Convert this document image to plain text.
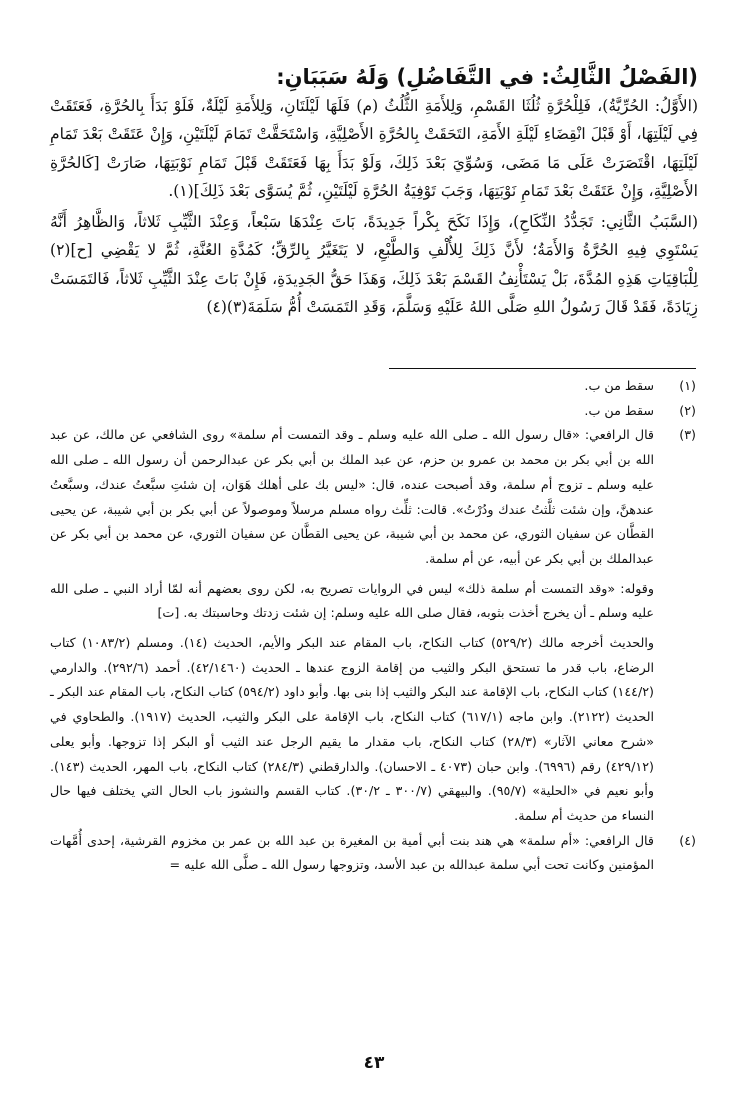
(الفَصْلُ الثَّالِثُ: في التَّفَاضُلِ) وَلَهُ سَبَبَانِ:

(الأَوَّلُ: الحُرِّيَّةُ)، فَلِلْحُرَّةِ ثُلُثَا القَسْمِ، وَلِلأَمَةِ الثُّلُثُ (م) فَلَهَا لَيْلَتَانِ، وَلِلأَمَةِ لَيْلَةٌ، فَلَوْ بَدَأَ بِالحُرَّةِ، فَعَتَقَتْ فِي لَيْلَتِهَا، أَوْ قَبْلَ انْقِضَاءِ لَيْلَةِ الأَمَةِ، التَحَقَتْ بِالحُرَّةِ الأَصْلِيَّةِ، وَاسْتَحَقَّتْ تَمَامَ لَيْلَتَيْنِ، وَإِنْ عَتَقَتْ بَعْدَ تَمَامِ لَيْلَتِهَا، اقْتَصَرَتْ عَلَى مَا مَضَى، وَسُوِّيَ بَعْدَ ذَلِكَ، وَلَوْ بَدَأَ بِهَا فَعَتَقَتْ قَبْلَ تَمَامِ نَوْبَتِهَا، صَارَتْ [كَالحُرَّةِ الأَصْلِيَّةِ، وَإِنْ عَتَقَتْ بَعْدَ تَمَامِ نَوْبَتِهَا، وَجَبَ تَوْفِيَةُ الحُرَّةِ لَيْلَتَيْنِ، ثُمَّ يُسَوَّى بَعْدَ ذَلِكَ](١).

(السَّبَبُ الثَّانِي: تَجَدُّدُ النِّكَاحِ)، وَإِذَا نَكَحَ بِكْراً جَدِيدَةً، بَاتَ عِنْدَهَا سَبْعاً، وَعِنْدَ الثَّيِّبِ ثَلاثاً، وَالظَّاهِرُ أَنَّهُ يَسْتَوِي فِيهِ الحُرَّةُ وَالأَمَةُ؛ لأَنَّ ذَلِكَ لِلأُلْفِ وَالطَّبْعِ، لا يَتَغَيَّرُ بِالرِّقِّ؛ كَمُدَّةِ العُنَّةِ، ثُمَّ لا يَقْضِي [ح](٢) لِلْبَاقِيَاتِ هَذِهِ المُدَّةَ، بَلْ يَسْتَأْنِفُ القَسْمَ بَعْدَ ذَلِكَ، وَهَذَا حَقُّ الجَدِيدَةِ، فَإِنْ بَاتَ عِنْدَ الثَّيِّبِ ثَلاثاً، فَالتَمَسَتْ زِيَادَةً، فَقَدْ قَالَ رَسُولُ اللهِ صَلَّى اللهُ عَلَيْهِ وَسَلَّمَ، وَقَدِ التَمَسَتْ أُمُّ سَلَمَةَ(٣)(٤)

(١)

سقط من ب.

(٢)

سقط من ب.

(٣)

قال الرافعي: «قال رسول الله ـ صلى الله عليه وسلم ـ وقد التمست أم سلمة» روى الشافعي عن مالك، عن عبد الله بن أبي بكر بن محمد بن عمرو بن حزم، عن عبد الملك بن أبي بكر عن عبدالرحمن أن رسول الله ـ صلى الله عليه وسلم ـ تزوج أم سلمة، وقد أصبحت عنده، قال: «ليس بك على أهلك هَوَان، إن شئتِ سبَّعتُ عندك، وسبَّعتُ عندهنَّ، وإن شئت ثلَّثتُ عندك ودُرْتُ». قالت: ثلِّث رواه مسلم مرسلاً وموصولاً عن أبي بكر بن أبي شيبة، عن يحيى القطَّان عن سفيان الثوري، عن محمد بن أبي شيبة، عن يحيى القطَّان عن سفيان الثوري، عن محمد بن أبي بكر عن عبدالملك بن أبي بكر عن أبيه، عن أم سلمة.

وقوله: «وقد التمست أم سلمة ذلك» ليس في الروايات تصريح به، لكن روى بعضهم أنه لمّا أراد النبي ـ صلى الله عليه وسلم ـ أن يخرج أخذت بثوبه، فقال صلى الله عليه وسلم: إن شئت زدتك وحاسبتك به. [ت]

والحديث أخرجه مالك (٥٢٩/٢) كتاب النكاح، باب المقام عند البكر والأيم، الحديث (١٤). ومسلم (١٠٨٣/٢) كتاب الرضاع، باب قدر ما تستحق البكر والثيب من إقامة الزوج عندها ـ الحديث (٤٢/١٤٦٠). أحمد (٢٩٢/٦). والدارمي (١٤٤/٢) كتاب النكاح، باب الإقامة عند البكر والثيب إذا بنى بها. وأبو داود (٥٩٤/٢) كتاب النكاح، باب المقام عند البكر ـ الحديث (٢١٢٢). وابن ماجه (٦١٧/١) كتاب النكاح، باب الإقامة على البكر والثيب، الحديث (١٩١٧). والطحاوي في «شرح معاني الآثار» (٢٨/٣) كتاب النكاح، باب مقدار ما يقيم الرجل عند الثيب أو البكر إذا تزوجها. وأبو يعلى (٤٢٩/١٢) رقم (٦٩٩٦). وابن حبان (٤٠٧٣ ـ الاحسان). والدارقطني (٢٨٤/٣) كتاب النكاح، باب المهر، الحديث (١٤٣). وأبو نعيم في «الحلية» (٩٥/٧). والبيهقي (٣٠٠/٧ ـ ٣٠/٢). كتاب القسم والنشوز باب الحال التي يختلف فيها حال النساء من حديث أم سلمة.

(٤)

قال الرافعي: «أم سلمة» هي هند بنت أبي أمية بن المغيرة بن عبد الله بن عمر بن مخزوم القرشية، إحدى أُمَّهات المؤمنين وكانت تحت أبي سلمة عبدالله بن عبد الأسد، وتزوجها رسول الله ـ صلَّى الله عليه =

٤٣
